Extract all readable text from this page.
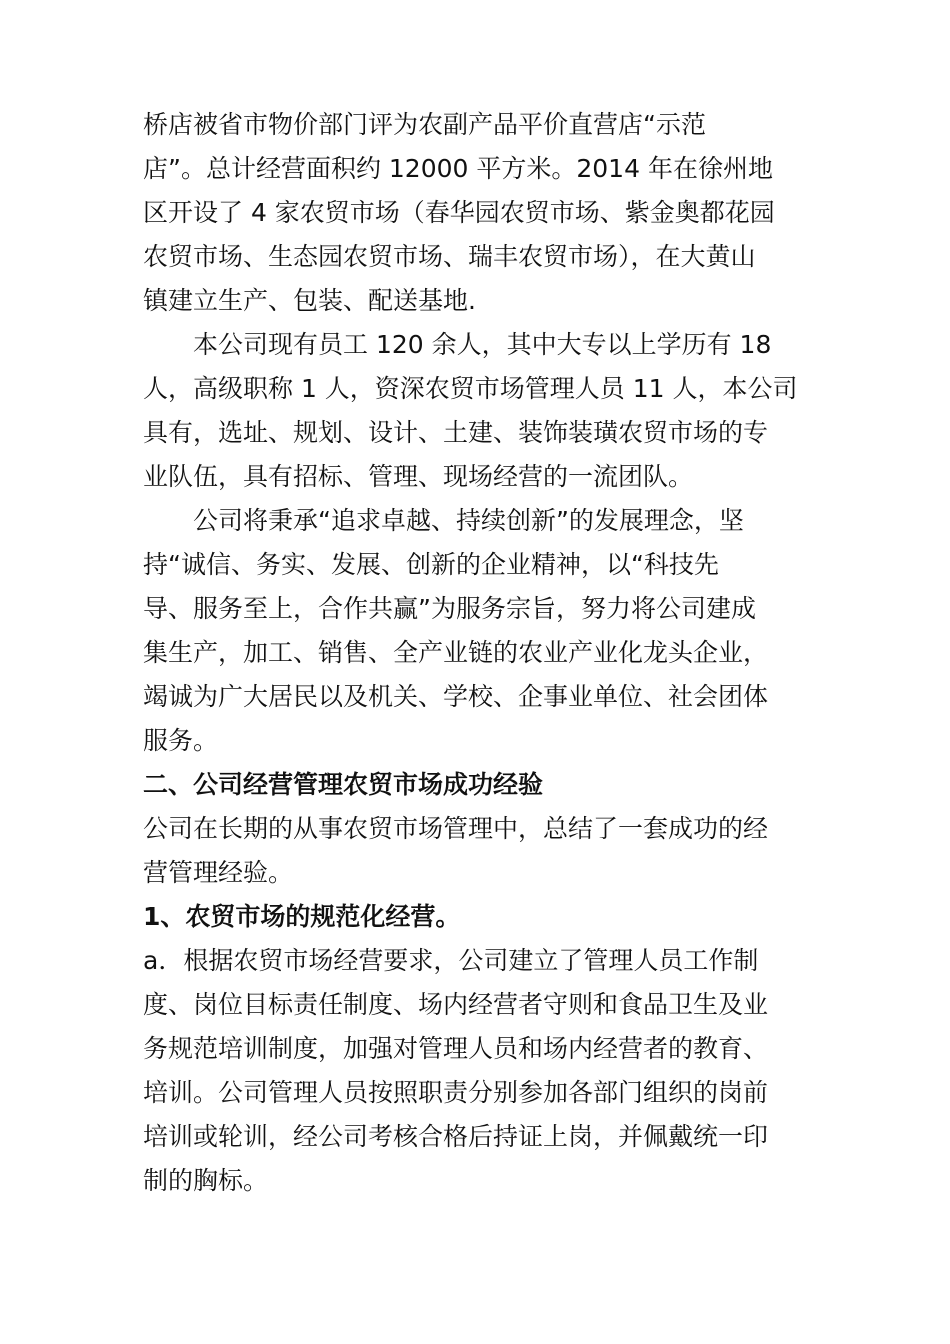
桥店被省市物价部门评为农副产品平价直营店“示范
店”。总计经营面积约 12000 平方米。2014 年在徐州地
区开设了 4 家农贸市场（春华园农贸市场、紫金奥都花园
农贸市场、生态园农贸市场、瑞丰农贸市场），在大黄山
镇建立生产、包装、配送基地.

本公司现有员工 120 余人，其中大专以上学历有 18
人，高级职称 1 人，资深农贸市场管理人员 11 人，本公司
具有，选址、规划、设计、土建、装饰装璜农贸市场的专
业队伍，具有招标、管理、现场经营的一流团队。

公司将秉承“追求卓越、持续创新”的发展理念，坚
持“诚信、务实、发展、创新的企业精神，以“科技先
导、服务至上，合作共赢”为服务宗旨，努力将公司建成
集生产，加工、销售、全产业链的农业产业化龙头企业，
竭诚为广大居民以及机关、学校、企事业单位、社会团体
服务。

二、公司经营管理农贸市场成功经验

公司在长期的从事农贸市场管理中，总结了一套成功的经
营管理经验。

1、农贸市场的规范化经营。

a．根据农贸市场经营要求，公司建立了管理人员工作制
度、岗位目标责任制度、场内经营者守则和食品卫生及业
务规范培训制度，加强对管理人员和场内经营者的教育、
培训。公司管理人员按照职责分别参加各部门组织的岗前
培训或轮训，经公司考核合格后持证上岗，并佩戴统一印
制的胸标。
